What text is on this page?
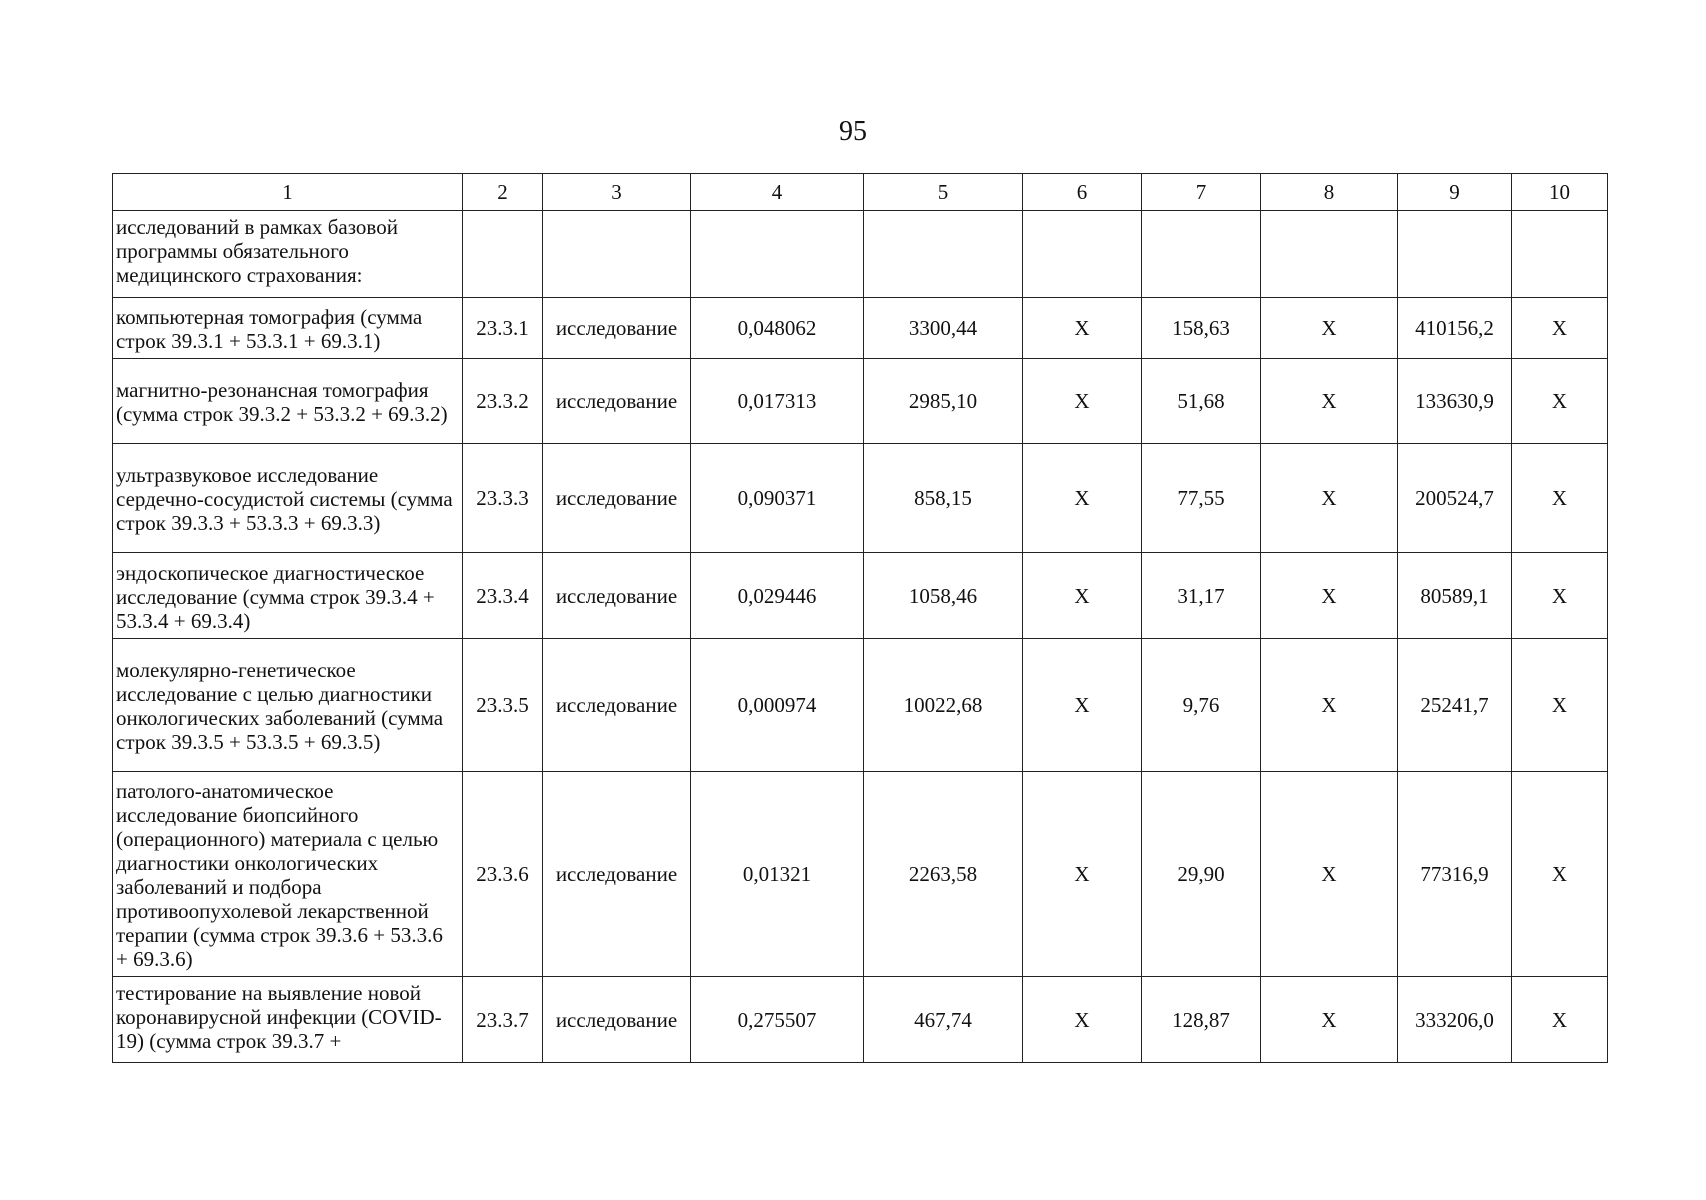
95
1	2	3	4	5	6	7	8	9	10
исследований в рамках базовой программы обязательного медицинского страхования:									
компьютерная томография (сумма строк 39.3.1 + 53.3.1 + 69.3.1)	23.3.1	исследование	0,048062	3300,44	X	158,63	X	410156,2	X
магнитно-резонансная томография (сумма строк 39.3.2 + 53.3.2 + 69.3.2)	23.3.2	исследование	0,017313	2985,10	X	51,68	X	133630,9	X
ультразвуковое исследование сердечно-сосудистой системы (сумма строк 39.3.3 + 53.3.3 + 69.3.3)	23.3.3	исследование	0,090371	858,15	X	77,55	X	200524,7	X
эндоскопическое диагностическое исследование (сумма строк 39.3.4 + 53.3.4 + 69.3.4)	23.3.4	исследование	0,029446	1058,46	X	31,17	X	80589,1	X
молекулярно-генетическое исследование с целью диагностики онкологических заболеваний (сумма строк 39.3.5 + 53.3.5 + 69.3.5)	23.3.5	исследование	0,000974	10022,68	X	9,76	X	25241,7	X
патолого-анатомическое исследование биопсийного (операционного) материала с целью диагностики онкологических заболеваний и подбора противоопухолевой лекарственной терапии (сумма строк 39.3.6 + 53.3.6 + 69.3.6)	23.3.6	исследование	0,01321	2263,58	X	29,90	X	77316,9	X
тестирование на выявление новой коронавирусной инфекции (COVID-19) (сумма строк 39.3.7 +	23.3.7	исследование	0,275507	467,74	X	128,87	X	333206,0	X
